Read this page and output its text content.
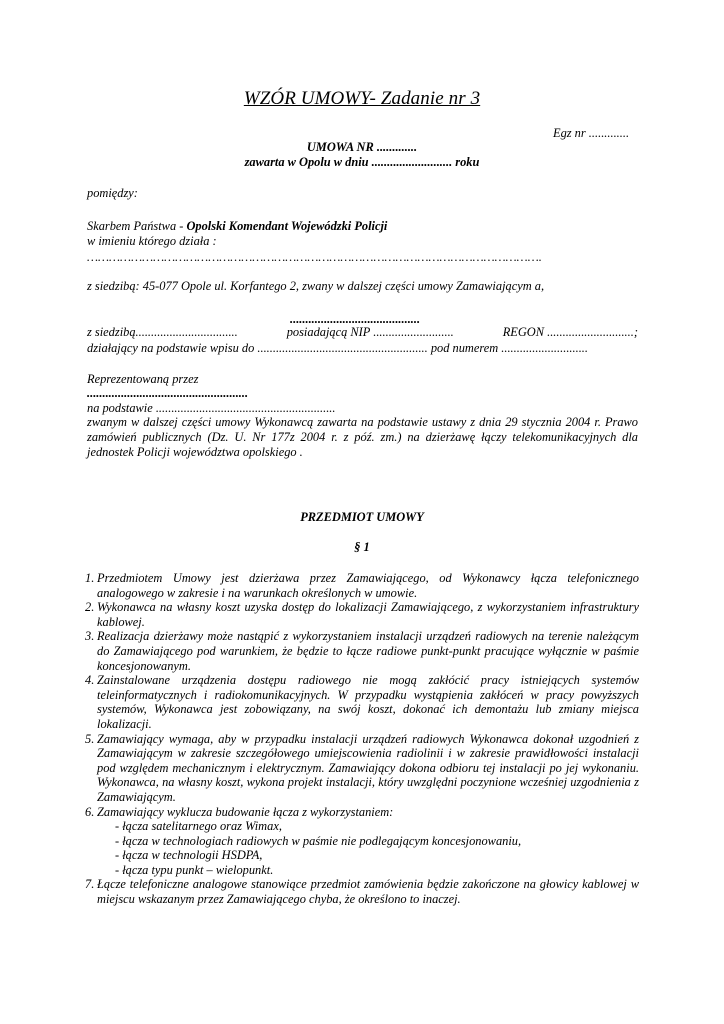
WZÓR UMOWY- Zadanie nr 3

Egz nr .............

UMOWA NR .............

zawarta w Opolu w dniu .......................... roku

pomiędzy:

Skarbem Państwa - Opolski Komendant Wojewódzki Policji

w imieniu którego działa :

…………………………………………………………………………………………………………….

z siedzibą: 45-077 Opole ul. Korfantego 2, zwany w dalszej części umowy Zamawiającym a,

..........................................

z siedzibą.................................	posiadającą NIP ..........................	REGON ............................;

działający na podstawie wpisu do ....................................................... pod numerem ............................

Reprezentowaną przez

....................................................

na podstawie ..........................................................

zwanym w dalszej części umowy Wykonawcą zawarta na podstawie ustawy z dnia 29 stycznia 2004 r. Prawo zamówień publicznych (Dz. U. Nr 177z 2004 r. z póź. zm.) na dzierżawę łączy telekomunikacyjnych dla jednostek Policji województwa opolskiego .

PRZEDMIOT UMOWY

§ 1

1. Przedmiotem Umowy jest dzierżawa przez Zamawiającego, od Wykonawcy łącza telefonicznego analogowego w zakresie i na warunkach określonych w umowie.
2. Wykonawca na własny koszt uzyska dostęp do lokalizacji Zamawiającego, z wykorzystaniem infrastruktury kablowej.
3. Realizacja dzierżawy może nastąpić z wykorzystaniem instalacji urządzeń radiowych na terenie należącym do Zamawiającego pod warunkiem, że będzie to łącze radiowe punkt-punkt pracujące wyłącznie w paśmie koncesjonowanym.
4. Zainstalowane urządzenia dostępu radiowego nie mogą zakłócić pracy istniejących systemów teleinformatycznych i radiokomunikacyjnych. W przypadku wystąpienia zakłóceń w pracy powyższych systemów, Wykonawca jest zobowiązany, na swój koszt, dokonać ich demontażu lub zmiany miejsca lokalizacji.
5. Zamawiający wymaga, aby w przypadku instalacji urządzeń radiowych Wykonawca dokonał uzgodnień z Zamawiającym w zakresie szczegółowego umiejscowienia radiolinii i w zakresie prawidłowości instalacji pod względem mechanicznym i elektrycznym. Zamawiający dokona odbioru tej instalacji po jej wykonaniu. Wykonawca, na własny koszt, wykona projekt instalacji, który uwzględni poczynione wcześniej uzgodnienia z Zamawiającym.
6. Zamawiający wyklucza budowanie łącza z wykorzystaniem:
- łącza satelitarnego oraz Wimax,
- łącza w technologiach radiowych w paśmie nie podlegającym koncesjonowaniu,
- łącza w technologii HSDPA,
- łącza typu punkt – wielopunkt.
7. Łącze telefoniczne analogowe stanowiące przedmiot zamówienia będzie zakończone na głowicy kablowej w miejscu wskazanym przez Zamawiającego chyba, że określono to inaczej.
